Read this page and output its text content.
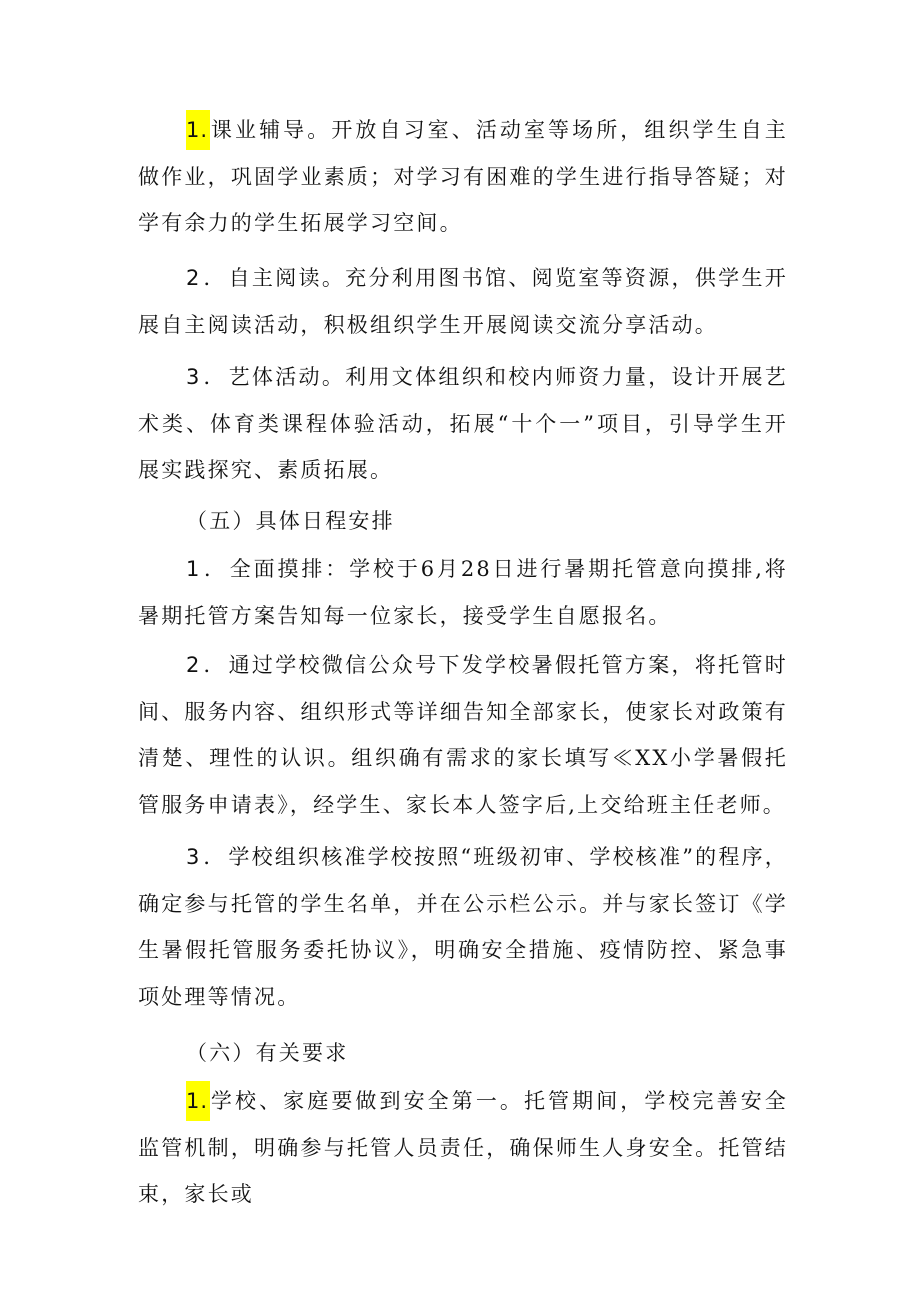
1.课业辅导。开放自习室、活动室等场所，组织学生自主做作业，巩固学业素质；对学习有困难的学生进行指导答疑；对学有余力的学生拓展学习空间。

2．自主阅读。充分利用图书馆、阅览室等资源，供学生开展自主阅读活动，积极组织学生开展阅读交流分享活动。

3．艺体活动。利用文体组织和校内师资力量，设计开展艺术类、体育类课程体验活动，拓展“十个一”项目，引导学生开展实践探究、素质拓展。

（五）具体日程安排

1．全面摸排：学校于6月28日进行暑期托管意向摸排,将暑期托管方案告知每一位家长，接受学生自愿报名。

2．通过学校微信公众号下发学校暑假托管方案，将托管时间、服务内容、组织形式等详细告知全部家长，使家长对政策有清楚、理性的认识。组织确有需求的家长填写≪XX小学暑假托管服务申请表》，经学生、家长本人签字后,上交给班主任老师。

3．学校组织核准学校按照“班级初审、学校核准”的程序，确定参与托管的学生名单，并在公示栏公示。并与家长签订《学生暑假托管服务委托协议》，明确安全措施、疫情防控、紧急事项处理等情况。

（六）有关要求

1.学校、家庭要做到安全第一。托管期间，学校完善安全监管机制，明确参与托管人员责任，确保师生人身安全。托管结束，家长或
